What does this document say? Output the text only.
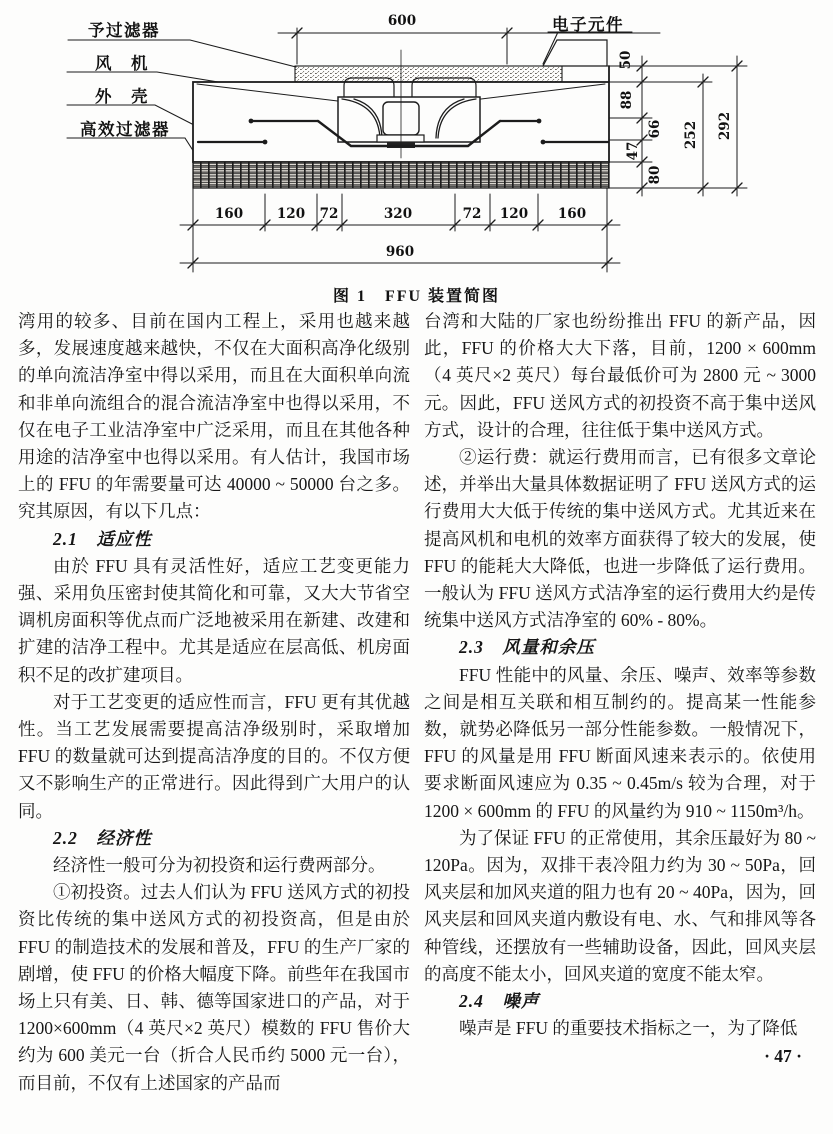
予过滤器
风　机
外　壳
高效过滤器
电子元件
600
50
88
66
47
80
252 292
160	120 72	320	72 120 160
960
图 1　FFU 装置简图

湾用的较多、目前在国内工程上，采用也越来越多，发展速度越来越快，不仅在大面积高净化级别的单向流洁净室中得以采用，而且在大面积单向流和非单向流组合的混合流洁净室中也得以采用，不仅在电子工业洁净室中广泛采用，而且在其他各种用途的洁净室中也得以采用。有人估计，我国市场上的 FFU 的年需要量可达 40000 ~ 50000 台之多。究其原因，有以下几点：

2.1　适应性

由於 FFU 具有灵活性好，适应工艺变更能力强、采用负压密封使其简化和可靠，又大大节省空调机房面积等优点而广泛地被采用在新建、改建和扩建的洁净工程中。尤其是适应在层高低、机房面积不足的改扩建项目。

对于工艺变更的适应性而言，FFU 更有其优越性。当工艺发展需要提高洁净级别时，采取增加 FFU 的数量就可达到提高洁净度的目的。不仅方便又不影响生产的正常进行。因此得到广大用户的认同。

2.2　经济性

经济性一般可分为初投资和运行费两部分。

①初投资。过去人们认为 FFU 送风方式的初投资比传统的集中送风方式的初投资高，但是由於 FFU 的制造技术的发展和普及，FFU 的生产厂家的剧增，使 FFU 的价格大幅度下降。前些年在我国市场上只有美、日、韩、德等国家进口的产品，对于 1200×600mm（4 英尺×2 英尺）模数的 FFU 售价大约为 600 美元一台（折合人民币约 5000 元一台），而目前，不仅有上述国家的产品而

台湾和大陆的厂家也纷纷推出 FFU 的新产品，因此，FFU 的价格大大下落，目前，1200 × 600mm（4 英尺×2 英尺）每台最低价可为 2800 元 ~ 3000 元。因此，FFU 送风方式的初投资不高于集中送风方式，设计的合理，往往低于集中送风方式。

②运行费：就运行费用而言，已有很多文章论述，并举出大量具体数据证明了 FFU 送风方式的运行费用大大低于传统的集中送风方式。尤其近来在提高风机和电机的效率方面获得了较大的发展，使 FFU 的能耗大大降低，也进一步降低了运行费用。一般认为 FFU 送风方式洁净室的运行费用大约是传统集中送风方式洁净室的 60% - 80%。

2.3　风量和余压

FFU 性能中的风量、余压、噪声、效率等参数之间是相互关联和相互制约的。提高某一性能参数，就势必降低另一部分性能参数。一般情况下，FFU 的风量是用 FFU 断面风速来表示的。依使用要求断面风速应为 0.35 ~ 0.45m/s 较为合理，对于 1200 × 600mm 的 FFU 的风量约为 910 ~ 1150m³/h。

为了保证 FFU 的正常使用，其余压最好为 80 ~ 120Pa。因为，双排干表冷阻力约为 30 ~ 50Pa，回风夹层和加风夹道的阻力也有 20 ~ 40Pa，因为，回风夹层和回风夹道内敷设有电、水、气和排风等各种管线，还摆放有一些辅助设备，因此，回风夹层的高度不能太小，回风夹道的宽度不能太窄。

2.4　噪声

噪声是 FFU 的重要技术指标之一，为了降低

· 47 ·
